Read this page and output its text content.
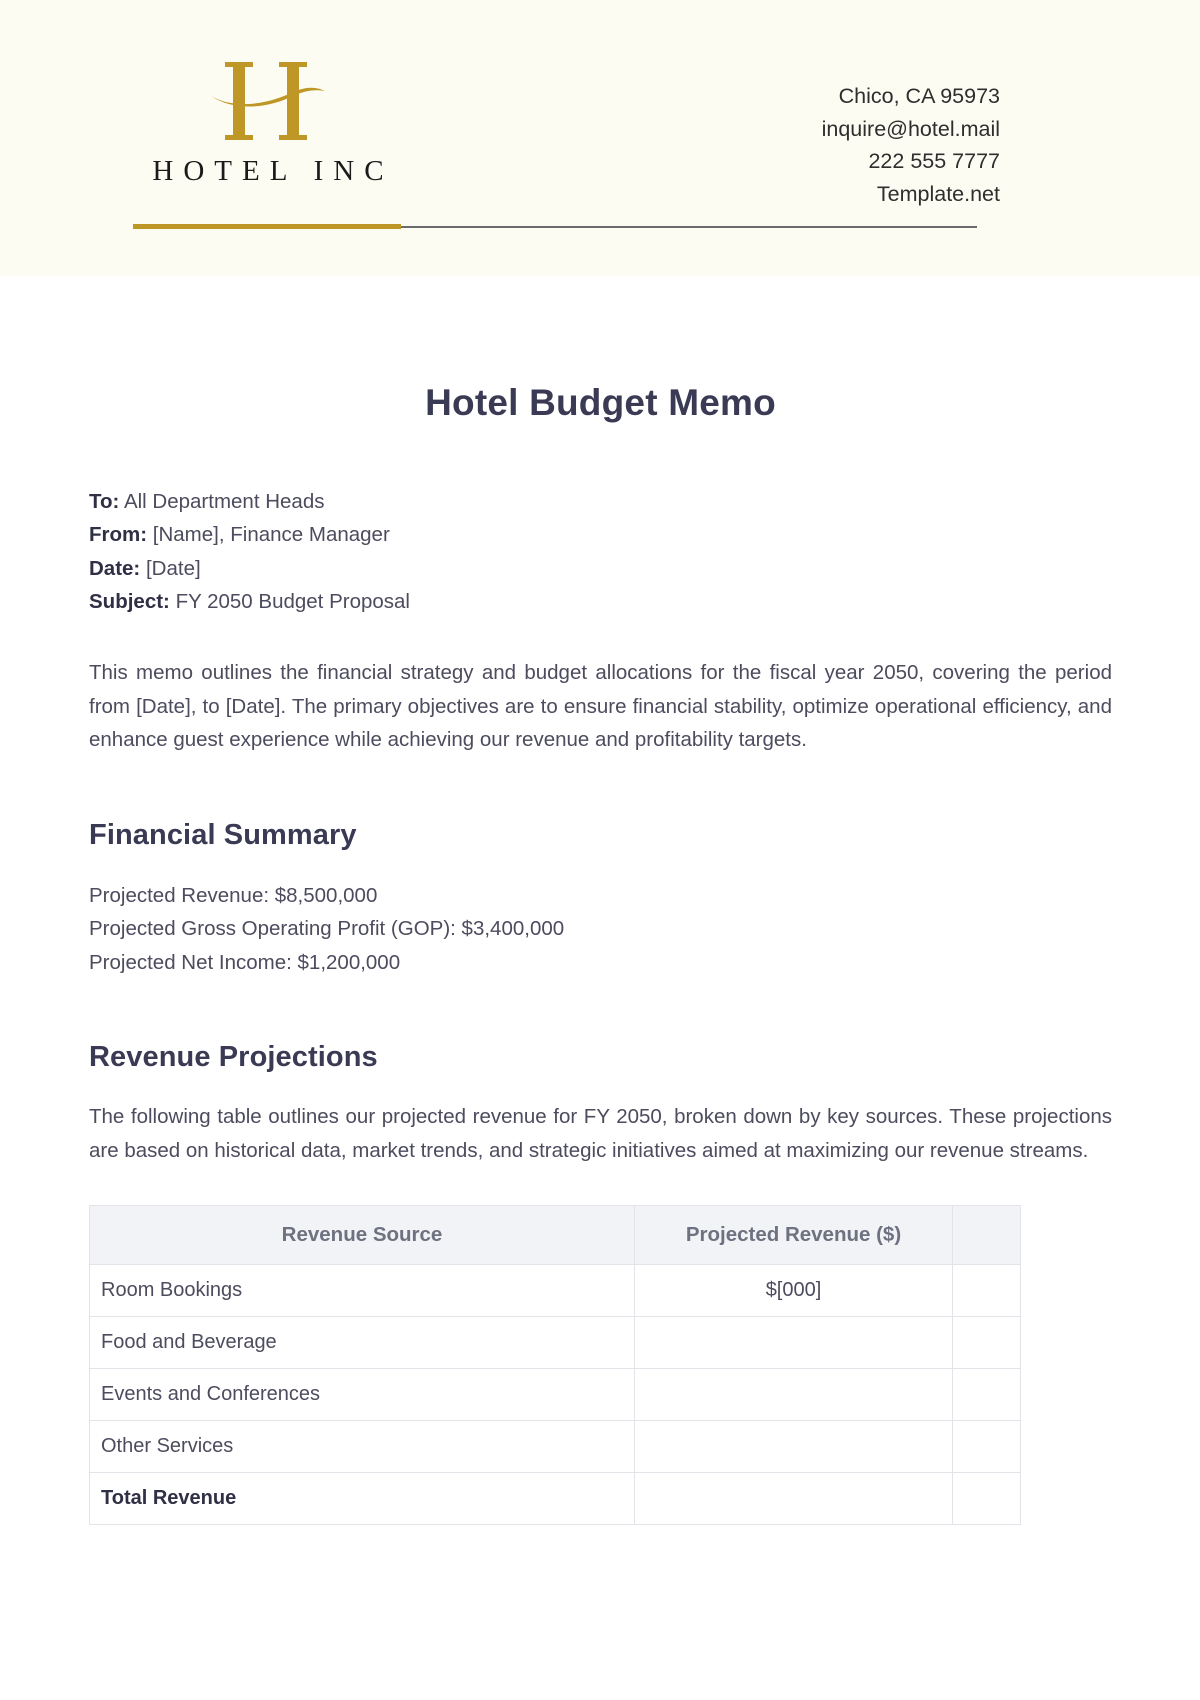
HOTEL INC
Chico, CA 95973
inquire@hotel.mail
222 555 7777
Template.net
Hotel Budget Memo
To: All Department Heads
From: [Name], Finance Manager
Date: [Date]
Subject: FY 2050 Budget Proposal

This memo outlines the financial strategy and budget allocations for the fiscal year 2050, covering the period from [Date], to [Date]. The primary objectives are to ensure financial stability, optimize operational efficiency, and enhance guest experience while achieving our revenue and profitability targets.

Financial Summary
Projected Revenue: $8,500,000
Projected Gross Operating Profit (GOP): $3,400,000
Projected Net Income: $1,200,000
Revenue Projections

The following table outlines our projected revenue for FY 2050, broken down by key sources. These projections are based on historical data, market trends, and strategic initiatives aimed at maximizing our revenue streams.

Revenue Source	Projected Revenue ($)	
Room Bookings	$[000]	
Food and Beverage		
Events and Conferences		
Other Services		
Total Revenue		
